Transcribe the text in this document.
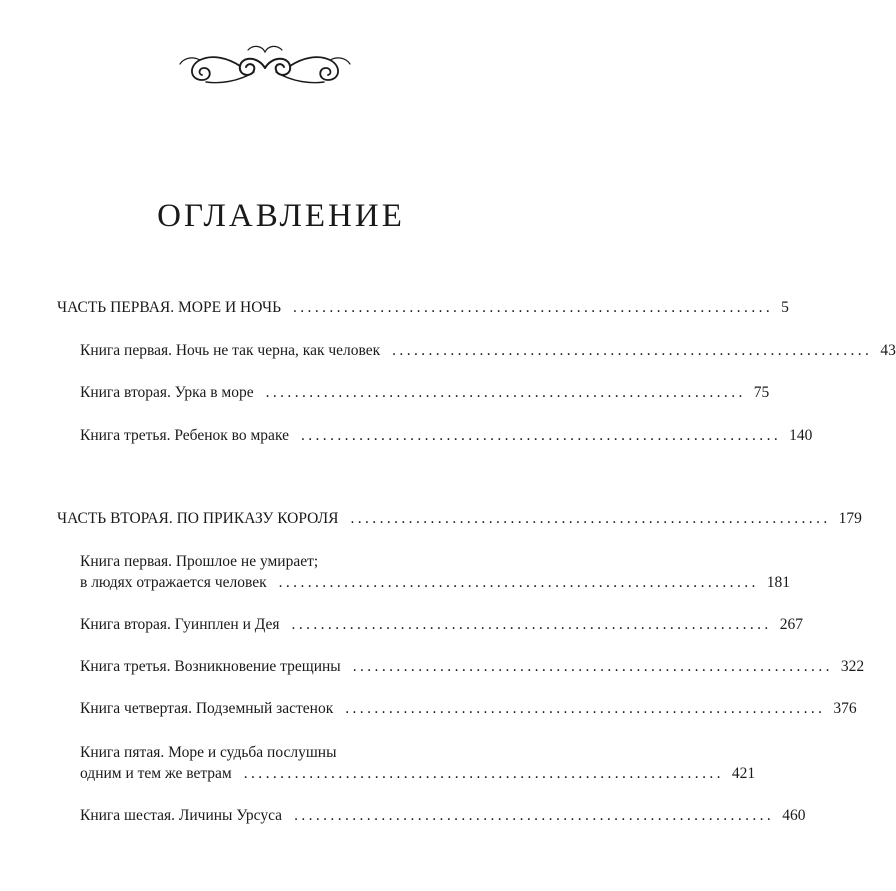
ОГЛАВЛЕНИЕ
ЧАСТЬ ПЕРВАЯ. МОРЕ И НОЧЬ .................................................................. 5
Книга первая. Ночь не так черна, как человек .................................................................. 43
Книга вторая. Урка в море .................................................................. 75
Книга третья. Ребенок во мраке .................................................................. 140
ЧАСТЬ ВТОРАЯ. ПО ПРИКАЗУ КОРОЛЯ .................................................................. 179
Книга первая. Прошлое не умирает;
в людях отражается человек .................................................................. 181
Книга вторая. Гуинплен и Дея .................................................................. 267
Книга третья. Возникновение трещины .................................................................. 322
Книга четвертая. Подземный застенок .................................................................. 376
Книга пятая. Море и судьба послушны
одним и тем же ветрам .................................................................. 421
Книга шестая. Личины Урсуса .................................................................. 460
